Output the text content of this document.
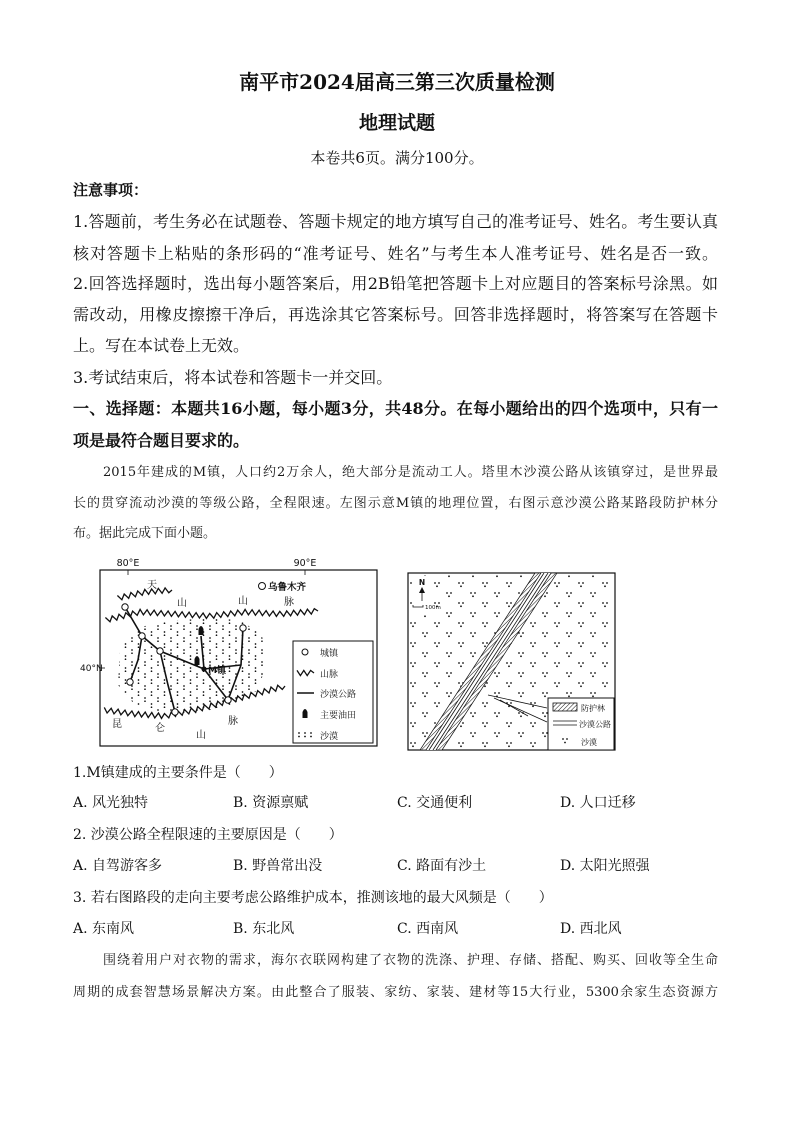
南平市2024届高三第三次质量检测
地理试题
本卷共6页。满分100分。
注意事项：
1.答题前，考生务必在试题卷、答题卡规定的地方填写自己的准考证号、姓名。考生要认真
核对答题卡上粘贴的条形码的“准考证号、姓名”与考生本人准考证号、姓名是否一致。
2.回答选择题时，选出每小题答案后，用2B铅笔把答题卡上对应题目的答案标号涂黑。如
需改动，用橡皮擦擦干净后，再选涂其它答案标号。回答非选择题时，将答案写在答题卡
上。写在本试卷上无效。
3.考试结束后，将本试卷和答题卡一并交回。
一、选择题：本题共16小题，每小题3分，共48分。在每小题给出的四个选项中，只有一
项是最符合题目要求的。
2015年建成的M镇，人口约2万余人，绝大部分是流动工人。塔里木沙漠公路从该镇穿过，是世界最
长的贯穿流动沙漠的等级公路，全程限速。左图示意M镇的地理位置，右图示意沙漠公路某路段防护林分
布。据此完成下面小题。
80°E	90°E
40°N
天
山	山	脉
昆	仑
山
脉
乌鲁木齐
M镇
城镇
山脉
沙漠公路
主要油田
沙漠
N
100m
防护林
沙漠公路
沙漠
1.M镇建成的主要条件是（　　）
A. 风光独特	B. 资源禀赋	C. 交通便利	D. 人口迁移
2. 沙漠公路全程限速的主要原因是（　　）
A. 自驾游客多	B. 野兽常出没	C. 路面有沙土	D. 太阳光照强
3. 若右图路段的走向主要考虑公路维护成本，推测该地的最大风频是（　　）
A. 东南风	B. 东北风	C. 西南风	D. 西北风
围绕着用户对衣物的需求，海尔衣联网构建了衣物的洗涤、护理、存储、搭配、购买、回收等全生命
周期的成套智慧场景解决方案。由此整合了服装、家纺、家装、建材等15大行业，5300余家生态资源方
